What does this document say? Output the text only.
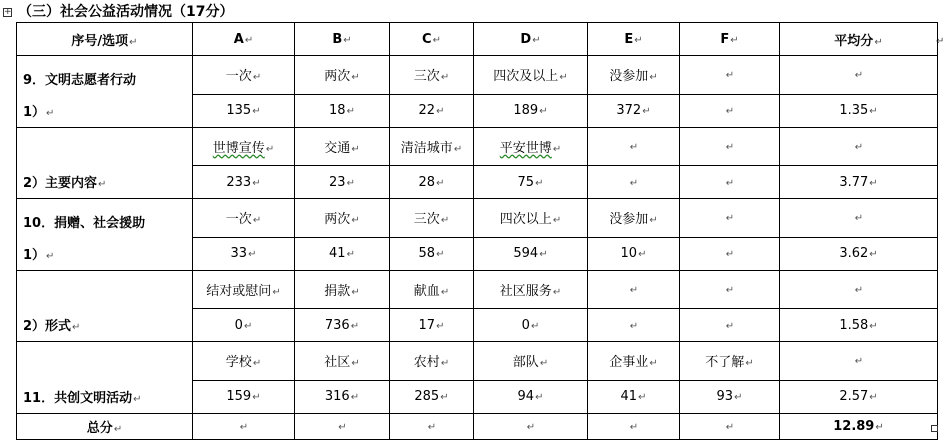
+ （三）社会公益活动情况（17分）
↵
序号/选项↵	A↵	B↵	C↵	D↵	E↵	F↵	平均分↵
9．文明志愿者行动	一次↵	两次↵	三次↵	四次及以上↵	没参加↵	↵	↵
1）↵	135↵	18↵	22↵	189↵	372↵	↵	1.35↵
	世博宣传↵	交通↵	清洁城市↵	平安世博↵	↵	↵	↵
2）主要内容↵	233↵	23↵	28↵	75↵	↵	↵	3.77↵
10．捐赠、社会援助	一次↵	两次↵	三次↵	四次以上↵	没参加↵	↵	↵
1）↵	33↵	41↵	58↵	594↵	10↵	↵	3.62↵
	结对或慰问↵	捐款↵	献血↵	社区服务↵	↵	↵	↵
2）形式↵	0↵	736↵	17↵	0↵	↵	↵	1.58↵
	学校↵	社区↵	农村↵	部队↵	企事业↵	不了解↵	↵
11．共创文明活动↵	159↵	316↵	285↵	94↵	41↵	93↵	2.57↵
总分↵	↵	↵	↵	↵	↵	↵	12.89↵
